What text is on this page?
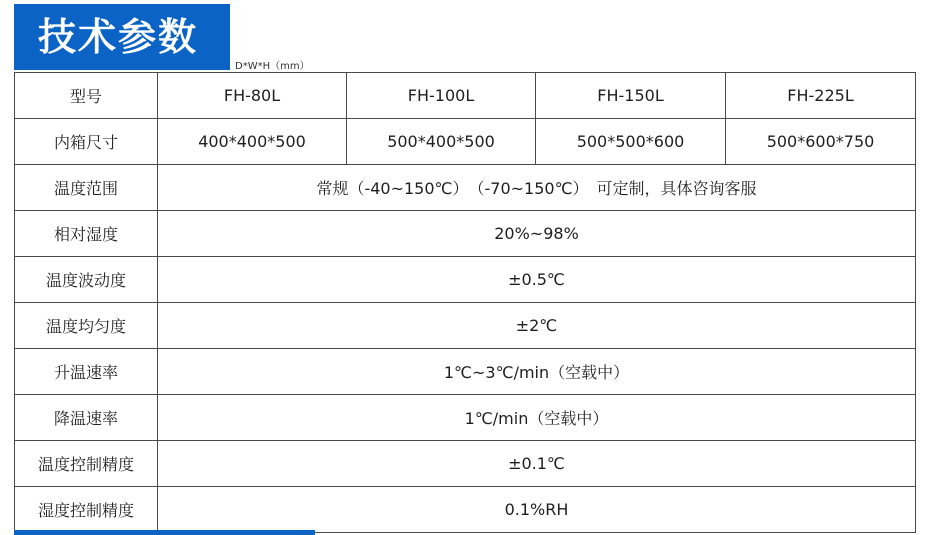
技术参数
D*W*H（mm）
型号	FH-80L	FH-100L	FH-150L	FH-225L
内箱尺寸	400*400*500	500*400*500	500*500*600	500*600*750
温度范围	常规（-40~150℃）　（-70~150℃）　可定制，具体咨询客服			
相对湿度	20%~98%			
温度波动度	±0.5℃			
温度均匀度	±2℃			
升温速率	1℃~3℃/min（空载中）			
降温速率	1℃/min（空载中）			
温度控制精度	±0.1℃			
湿度控制精度	0.1%RH			
